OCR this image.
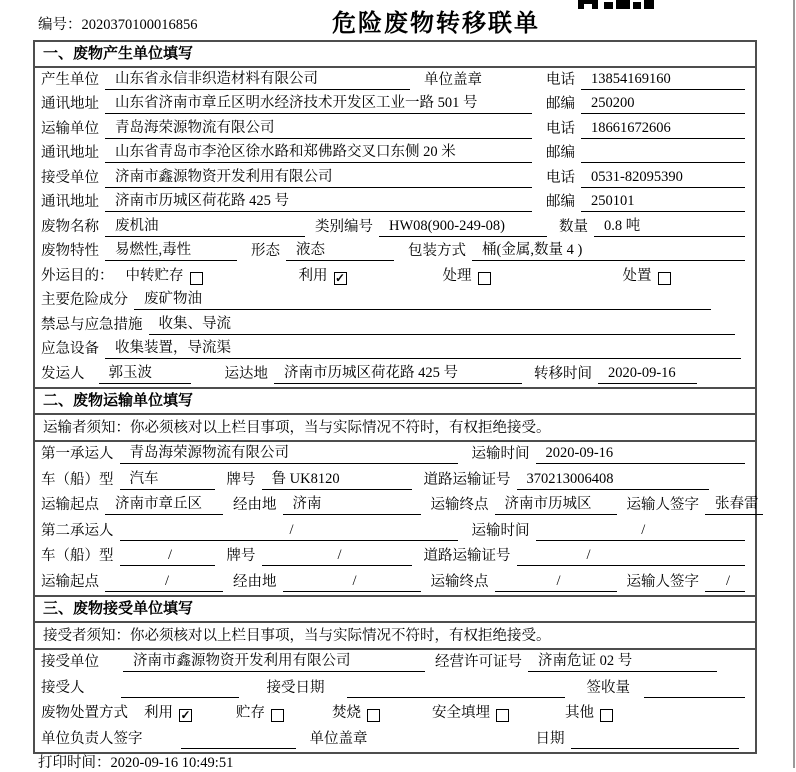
编号：2020370100016856	危险废物转移联单
一、废物产生单位填写
产生单位	山东省永信非织造材料有限公司	单位盖章	电话	13854169160
通讯地址	山东省济南市章丘区明水经济技术开发区工业一路 501 号	邮编	250200
运输单位	青岛海荣源物流有限公司	电话	18661672606
通讯地址	山东省青岛市李沧区徐水路和郑佛路交叉口东侧 20 米	邮编
接受单位	济南市鑫源物资开发利用有限公司	电话	0531-82095390
通讯地址	济南市历城区荷花路 425 号	邮编	250101
废物名称	废机油	类别编号	HW08(900-249-08)	数量	0.8 吨
废物特性	易燃性,毒性	形态	液态	包装方式	桶(金属,数量 4 )
外运目的： 中转贮存	利用 ✓	处理	处置
主要危险成分	废矿物油
禁忌与应急措施	收集、导流
应急设备	收集装置，导流渠
发运人	郭玉波	运达地	济南市历城区荷花路 425 号	转移时间	2020-09-16
二、废物运输单位填写
运输者须知：你必须核对以上栏目事项，当与实际情况不符时，有权拒绝接受。
第一承运人	青岛海荣源物流有限公司	运输时间	2020-09-16
车（船）型	汽车	牌号	鲁 UK8120	道路运输证号	370213006408
运输起点	济南市章丘区	经由地	济南	运输终点	济南市历城区	运输人签字	张春雷
第二承运人	/	运输时间	/
车（船）型	/	牌号	/	道路运输证号	/
运输起点	/	经由地	/	运输终点	/	运输人签字	/
三、废物接受单位填写
接受者须知：你必须核对以上栏目事项，当与实际情况不符时，有权拒绝接受。
接受单位	济南市鑫源物资开发利用有限公司	经营许可证号	济南危证 02 号
接受人	接受日期	签收量
废物处置方式	利用 ✓	贮存	焚烧	安全填埋	其他
单位负责人签字	单位盖章	日期
打印时间：2020-09-16 10:49:51
